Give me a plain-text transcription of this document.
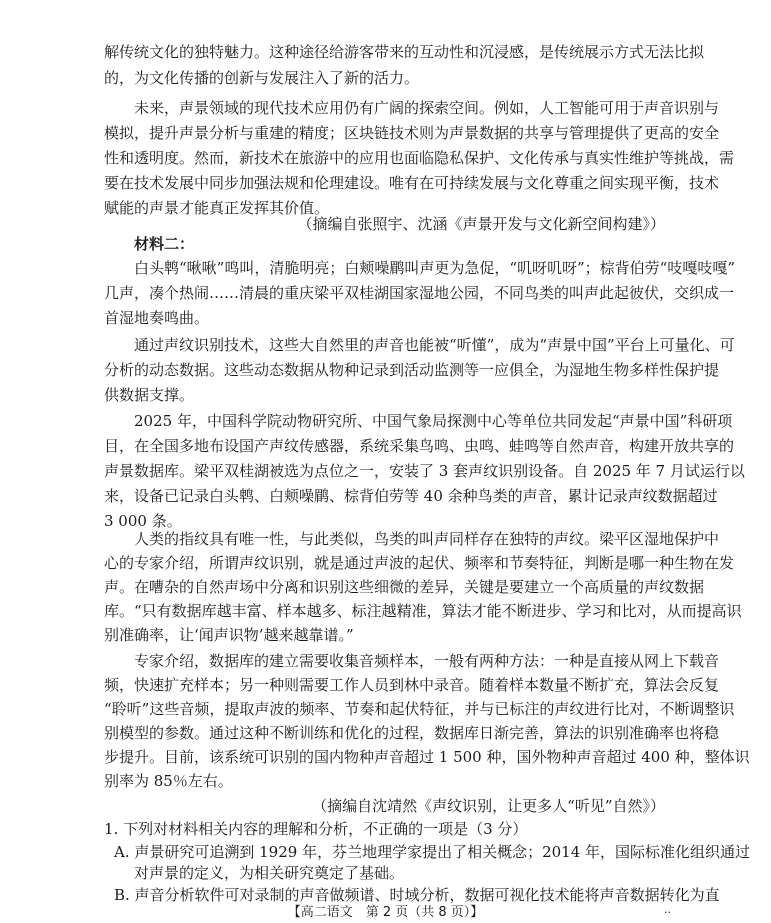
解传统文化的独特魅力。这种途径给游客带来的互动性和沉浸感，是传统展示方式无法比拟
的，为文化传播的创新与发展注入了新的活力。
未来，声景领域的现代技术应用仍有广阔的探索空间。例如，人工智能可用于声音识别与
模拟，提升声景分析与重建的精度；区块链技术则为声景数据的共享与管理提供了更高的安全
性和透明度。然而，新技术在旅游中的应用也面临隐私保护、文化传承与真实性维护等挑战，需
要在技术发展中同步加强法规和伦理建设。唯有在可持续发展与文化尊重之间实现平衡，技术
赋能的声景才能真正发挥其价值。
（摘编自张照宇、沈涵《声景开发与文化新空间构建》）
材料二：
白头鹎“啾啾”鸣叫，清脆明亮；白颊噪鹛叫声更为急促，“叽呀叽呀”；棕背伯劳“吱嘎吱嘎”
几声，凑个热闹……清晨的重庆梁平双桂湖国家湿地公园，不同鸟类的叫声此起彼伏，交织成一
首湿地奏鸣曲。
通过声纹识别技术，这些大自然里的声音也能被“听懂”，成为“声景中国”平台上可量化、可
分析的动态数据。这些动态数据从物种记录到活动监测等一应俱全，为湿地生物多样性保护提
供数据支撑。
2025 年，中国科学院动物研究所、中国气象局探测中心等单位共同发起“声景中国”科研项
目，在全国多地布设国产声纹传感器，系统采集鸟鸣、虫鸣、蛙鸣等自然声音，构建开放共享的
声景数据库。梁平双桂湖被选为点位之一，安装了 3 套声纹识别设备。自 2025 年 7 月试运行以
来，设备已记录白头鹎、白颊噪鹛、棕背伯劳等 40 余种鸟类的声音，累计记录声纹数据超过
3 000 条。
人类的指纹具有唯一性，与此类似，鸟类的叫声同样存在独特的声纹。梁平区湿地保护中
心的专家介绍，所谓声纹识别，就是通过声波的起伏、频率和节奏特征，判断是哪一种生物在发
声。在嘈杂的自然声场中分离和识别这些细微的差异，关键是要建立一个高质量的声纹数据
库。“只有数据库越丰富、样本越多、标注越精准，算法才能不断进步、学习和比对，从而提高识
别准确率，让‘闻声识物’越来越靠谱。”
专家介绍，数据库的建立需要收集音频样本，一般有两种方法：一种是直接从网上下载音
频，快速扩充样本；另一种则需要工作人员到林中录音。随着样本数量不断扩充，算法会反复
“聆听”这些音频，提取声波的频率、节奏和起伏特征，并与已标注的声纹进行比对，不断调整识
别模型的参数。通过这种不断训练和优化的过程，数据库日渐完善，算法的识别准确率也将稳
步提升。目前，该系统可识别的国内物种声音超过 1 500 种，国外物种声音超过 400 种，整体识
别率为 85％左右。
（摘编自沈靖然《声纹识别，让更多人“听见”自然》）
1. 下列对材料相关内容的理解和分析，不正确的一项是（3 分）
A. 声景研究可追溯到 1929 年，芬兰地理学家提出了相关概念；2014 年，国际标准化组织通过
对声景的定义，为相关研究奠定了基础。
【高二语文　第 2 页（共 8 页）】	··
B. 声音分析软件可对录制的声音做频谱、时域分析，数据可视化技术能将声音数据转化为直
